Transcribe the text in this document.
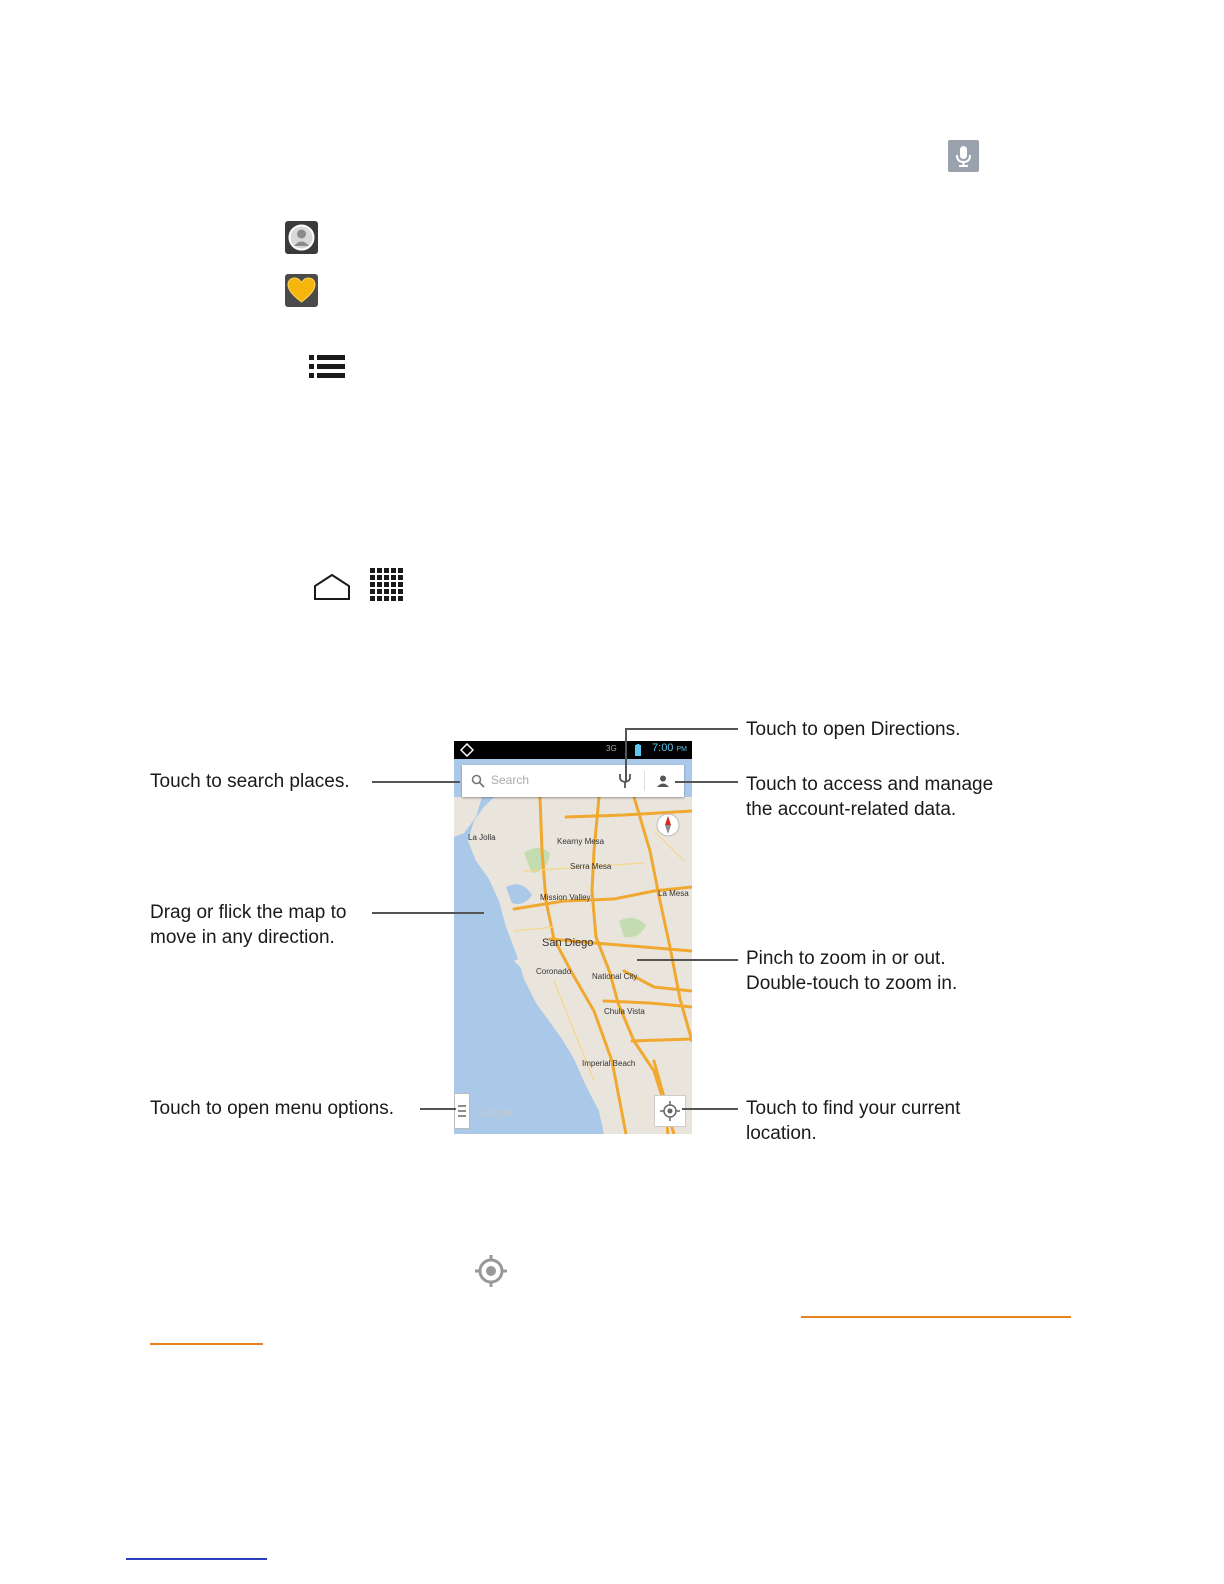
3G	7:00 PM
Search
La Jolla	Kearny Mesa
Serra Mesa
Mission Valley	La Mesa
San Diego
Coronado
National City
Chula Vista
Imperial Beach
Google
Touch to open Directions.
Touch to search places.	Touch to access and manage
the account-related data.
Drag or flick the map to
move in any direction.
Pinch to zoom in or out.
Double-touch to zoom in.
Touch to open menu options.	Touch to find your current
location.
